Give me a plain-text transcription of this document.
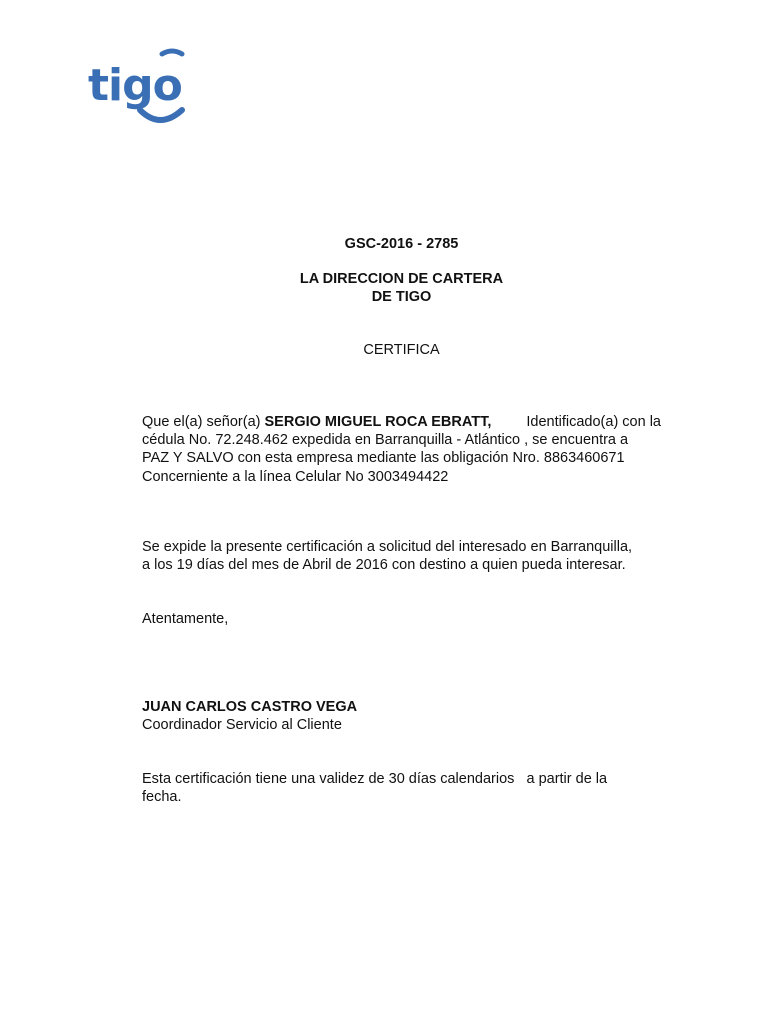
tigo
GSC-2016 - 2785
LA DIRECCION DE CARTERA
DE TIGO
CERTIFICA
Que el(a) señor(a) SERGIO MIGUEL ROCA EBRATT, Identificado(a) con la
cédula No. 72.248.462 expedida en Barranquilla - Atlántico , se encuentra a
PAZ Y SALVO con esta empresa mediante las obligación Nro. 8863460671
Concerniente a la línea Celular No 3003494422
Se expide la presente certificación a solicitud del interesado en Barranquilla,
a los 19 días del mes de Abril de 2016 con destino a quien pueda interesar.
Atentamente,
JUAN CARLOS CASTRO VEGA
Coordinador Servicio al Cliente
Esta certificación tiene una validez de 30 días calendarios   a partir de la
fecha.
